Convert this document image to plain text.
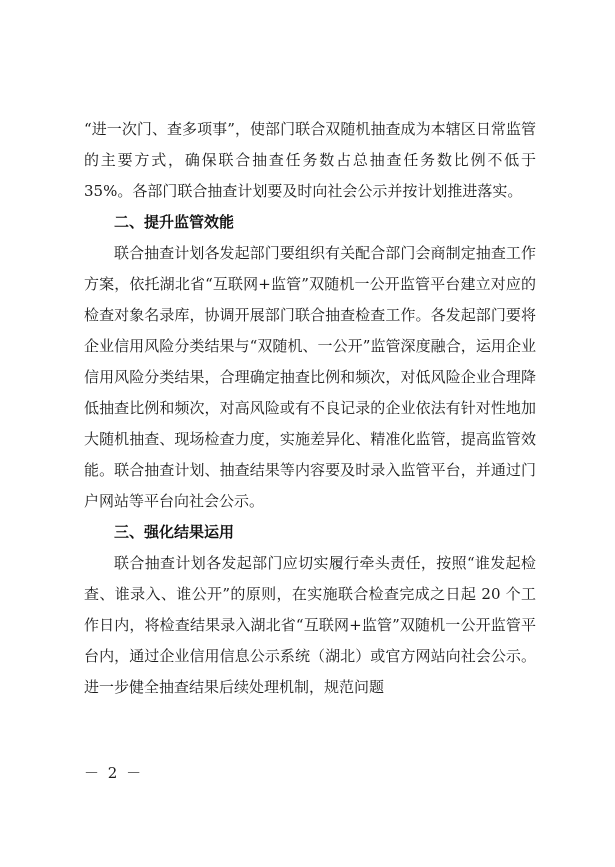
“进一次门、查多项事”，使部门联合双随机抽查成为本辖区日常监管的主要方式，确保联合抽查任务数占总抽查任务数比例不低于 35%。各部门联合抽查计划要及时向社会公示并按计划推进落实。

二、提升监管效能

联合抽查计划各发起部门要组织有关配合部门会商制定抽查工作方案，依托湖北省“互联网+监管”双随机一公开监管平台建立对应的检查对象名录库，协调开展部门联合抽查检查工作。各发起部门要将企业信用风险分类结果与“双随机、一公开”监管深度融合，运用企业信用风险分类结果，合理确定抽查比例和频次，对低风险企业合理降低抽查比例和频次，对高风险或有不良记录的企业依法有针对性地加大随机抽查、现场检查力度，实施差异化、精准化监管，提高监管效能。联合抽查计划、抽查结果等内容要及时录入监管平台，并通过门户网站等平台向社会公示。

三、强化结果运用

联合抽查计划各发起部门应切实履行牵头责任，按照“谁发起检查、谁录入、谁公开”的原则，在实施联合检查完成之日起 20 个工作日内，将检查结果录入湖北省“互联网+监管”双随机一公开监管平台内，通过企业信用信息公示系统（湖北）或官方网站向社会公示。进一步健全抽查结果后续处理机制，规范问题

－ 2 －
